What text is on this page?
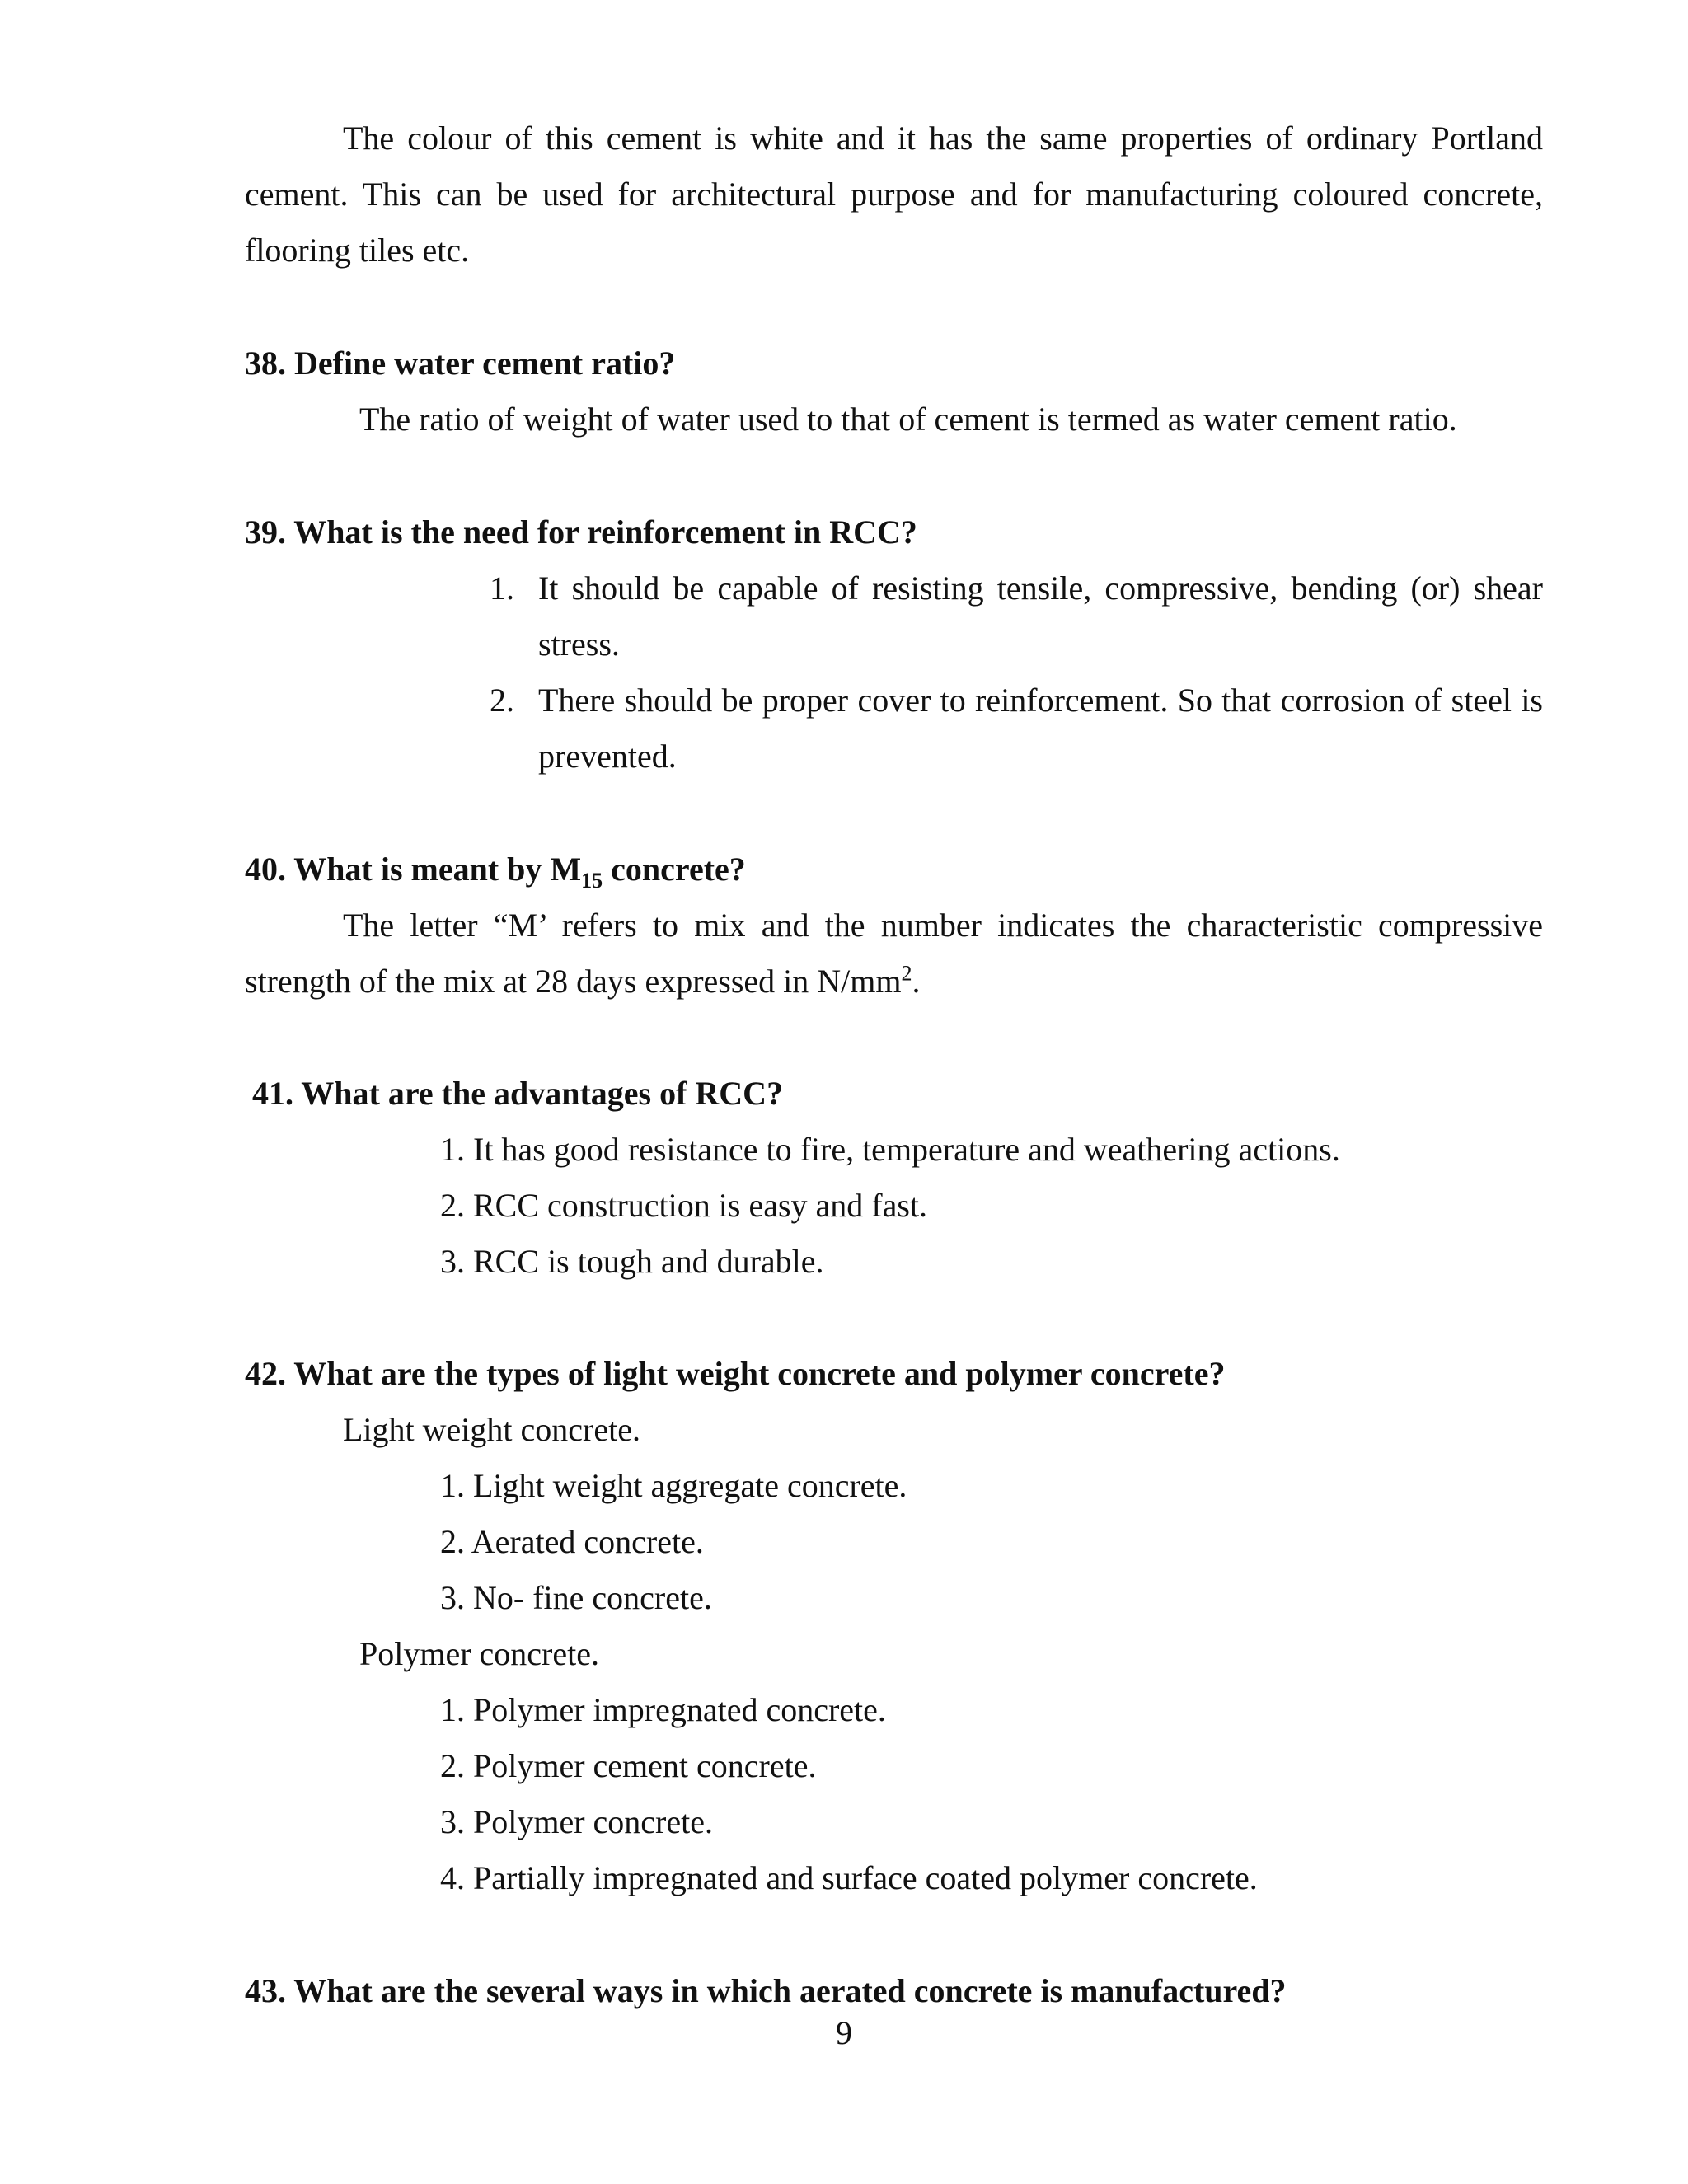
The colour of this cement is white and it has the same properties of ordinary Portland
cement. This can be used for architectural purpose and for manufacturing coloured concrete,
flooring tiles etc.
38. Define water cement ratio?
The ratio of weight of water used to that of cement is termed as water cement ratio.
39. What is the need for reinforcement in RCC?
1. It should be capable of resisting tensile, compressive, bending (or) shear
stress.
2. There should be proper cover to reinforcement. So that corrosion of steel is
prevented.
40. What is meant by $M_{15}$ concrete?
The letter “M’ refers to mix and the number indicates the characteristic compressive
strength of the mix at 28 days expressed in $N/mm^2$.
41. What are the advantages of RCC?
1. It has good resistance to fire, temperature and weathering actions.
2. RCC construction is easy and fast.
3. RCC is tough and durable.
42. What are the types of light weight concrete and polymer concrete?
Light weight concrete.
1. Light weight aggregate concrete.
2. Aerated concrete.
3. No- fine concrete.
Polymer concrete.
1. Polymer impregnated concrete.
2. Polymer cement concrete.
3. Polymer concrete.
4. Partially impregnated and surface coated polymer concrete.
43. What are the several ways in which aerated concrete is manufactured?
9
